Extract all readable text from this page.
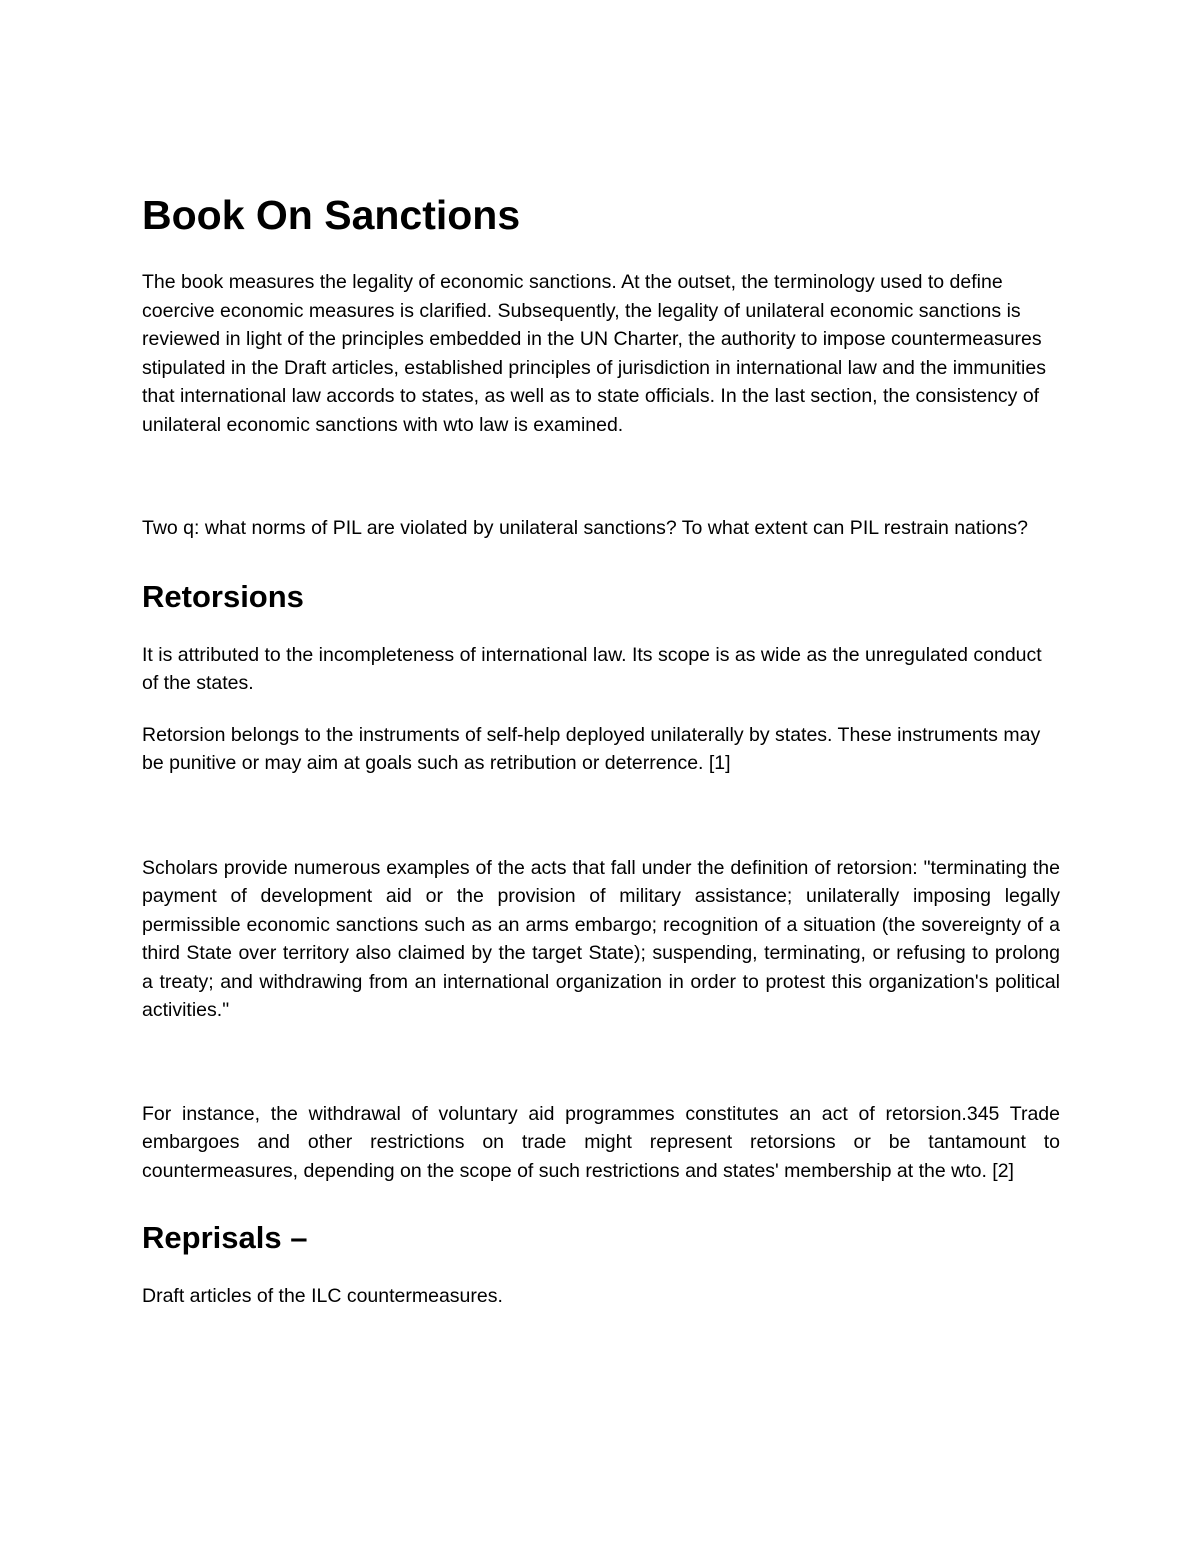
Book On Sanctions

The book measures the legality of economic sanctions. At the outset, the terminology used to define coercive economic measures is clarified. Subsequently, the legality of unilateral economic sanctions is reviewed in light of the principles embedded in the UN Charter, the authority to impose countermeasures stipulated in the Draft articles, established principles of jurisdiction in international law and the immunities that international law accords to states, as well as to state officials. In the last section, the consistency of unilateral economic sanctions with wto law is examined.

Two q: what norms of PIL are violated by unilateral sanctions? To what extent can PIL restrain nations?

Retorsions

It is attributed to the incompleteness of international law. Its scope is as wide as the unregulated conduct of the states.

Retorsion belongs to the instruments of self-help deployed unilaterally by states. These instruments may be punitive or may aim at goals such as retribution or deterrence. [1]

Scholars provide numerous examples of the acts that fall under the definition of retorsion: "terminating the payment of development aid or the provision of military assistance; unilaterally imposing legally permissible economic sanctions such as an arms embargo; recognition of a situation (the sovereignty of a third State over territory also claimed by the target State); suspending, terminating, or refusing to prolong a treaty; and withdrawing from an international organization in order to protest this organization's political activities."

For instance, the withdrawal of voluntary aid programmes constitutes an act of retorsion.345 Trade embargoes and other restrictions on trade might represent retorsions or be tantamount to countermeasures, depending on the scope of such restrictions and states' membership at the wto. [2]

Reprisals –

Draft articles of the ILC countermeasures.
